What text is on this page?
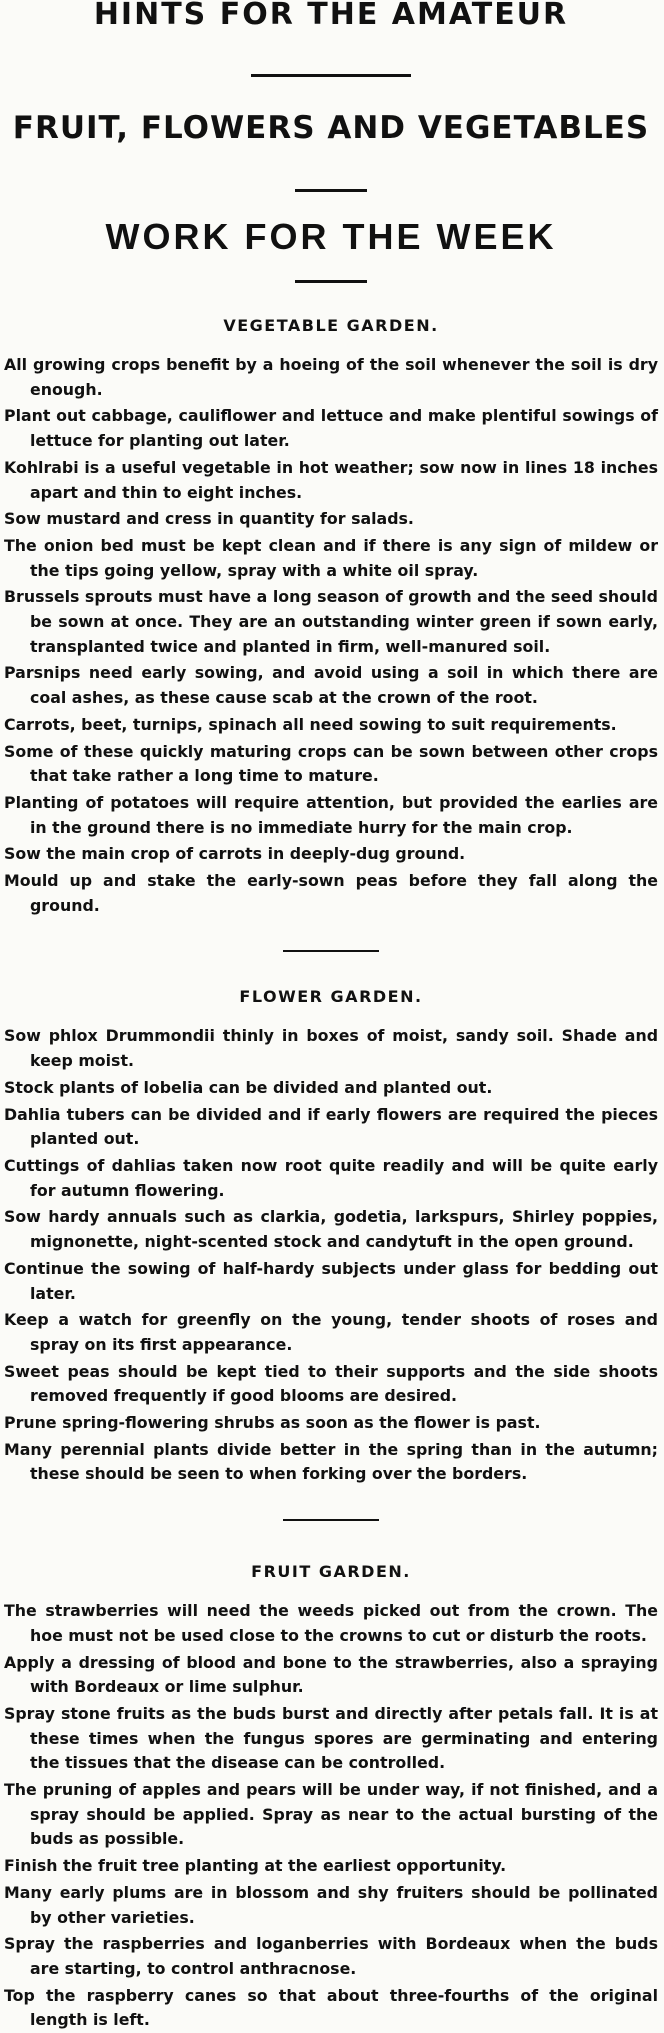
HINTS FOR THE AMATEUR
FRUIT, FLOWERS AND VEGETABLES
WORK FOR THE WEEK
VEGETABLE GARDEN.
All growing crops benefit by a hoeing of the soil whenever the soil is dry enough.
Plant out cabbage, cauliflower and lettuce and make plentiful sowings of lettuce for planting out later.
Kohlrabi is a useful vegetable in hot weather; sow now in lines 18 inches apart and thin to eight inches.
Sow mustard and cress in quantity for salads.
The onion bed must be kept clean and if there is any sign of mildew or the tips going yellow, spray with a white oil spray.
Brussels sprouts must have a long season of growth and the seed should be sown at once. They are an outstanding winter green if sown early, transplanted twice and planted in firm, well-manured soil.
Parsnips need early sowing, and avoid using a soil in which there are coal ashes, as these cause scab at the crown of the root.
Carrots, beet, turnips, spinach all need sowing to suit requirements.
Some of these quickly maturing crops can be sown between other crops that take rather a long time to mature.
Planting of potatoes will require attention, but provided the earlies are in the ground there is no immediate hurry for the main crop.
Sow the main crop of carrots in deeply-dug ground.
Mould up and stake the early-sown peas before they fall along the ground.
FLOWER GARDEN.
Sow phlox Drummondii thinly in boxes of moist, sandy soil. Shade and keep moist.
Stock plants of lobelia can be divided and planted out.
Dahlia tubers can be divided and if early flowers are required the pieces planted out.
Cuttings of dahlias taken now root quite readily and will be quite early for autumn flowering.
Sow hardy annuals such as clarkia, godetia, larkspurs, Shirley poppies, mignonette, night-scented stock and candytuft in the open ground.
Continue the sowing of half-hardy subjects under glass for bedding out later.
Keep a watch for greenfly on the young, tender shoots of roses and spray on its first appearance.
Sweet peas should be kept tied to their supports and the side shoots removed frequently if good blooms are desired.
Prune spring-flowering shrubs as soon as the flower is past.
Many perennial plants divide better in the spring than in the autumn; these should be seen to when forking over the borders.
FRUIT GARDEN.
The strawberries will need the weeds picked out from the crown. The hoe must not be used close to the crowns to cut or disturb the roots.
Apply a dressing of blood and bone to the strawberries, also a spraying with Bordeaux or lime sulphur.
Spray stone fruits as the buds burst and directly after petals fall. It is at these times when the fungus spores are germinating and entering the tissues that the disease can be controlled.
The pruning of apples and pears will be under way, if not finished, and a spray should be applied. Spray as near to the actual bursting of the buds as possible.
Finish the fruit tree planting at the earliest opportunity.
Many early plums are in blossom and shy fruiters should be pollinated by other varieties.
Spray the raspberries and loganberries with Bordeaux when the buds are starting, to control anthracnose.
Top the raspberry canes so that about three-fourths of the original length is left.
